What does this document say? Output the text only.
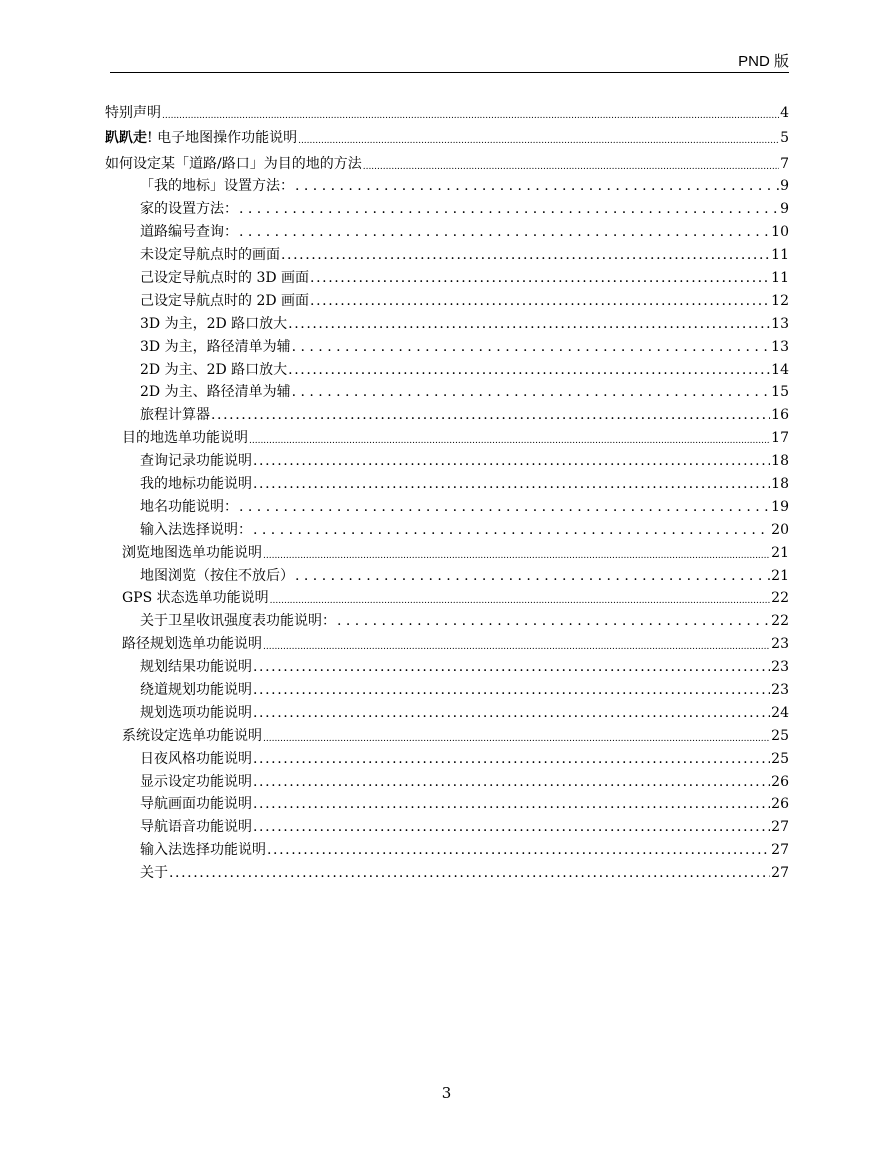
PND 版
特别声明 .....	4
趴趴走! 电子地图操作功能说明 .....	5
如何设定某「道路/路口」为目的地的方法 .....	7
「我的地标」设置方法： . . .	9
家的设置方法： . . .	9
道路编号查询： . . .	10
未设定导航点时的画面 .....	11
己设定导航点时的 3D 画面 .....	11
己设定导航点时的 2D 画面 .....	12
3D 为主，2D 路口放大 .....	13
3D 为主，路径清单为辅 . . .	13
2D 为主、2D 路口放大 .....	14
2D 为主、路径清单为辅 . . .	15
旅程计算器 .....	16
目的地选单功能说明 .....	17
查询记录功能说明 .....	18
我的地标功能说明 .....	18
地名功能说明： . . .	19
输入法选择说明： . . .	20
浏览地图选单功能说明 .....	21
地图浏览（按住不放后） . . .	21
GPS 状态选单功能说明 .....	22
关于卫星收讯强度表功能说明： . . .	22
路径规划选单功能说明 .....	23
规划结果功能说明 .....	23
绕道规划功能说明 .....	23
规划选项功能说明 .....	24
系统设定选单功能说明 .....	25
日夜风格功能说明 .....	25
显示设定功能说明 .....	26
导航画面功能说明 .....	26
导航语音功能说明 .....	27
输入法选择功能说明 .....	27
关于 .....	27
3
